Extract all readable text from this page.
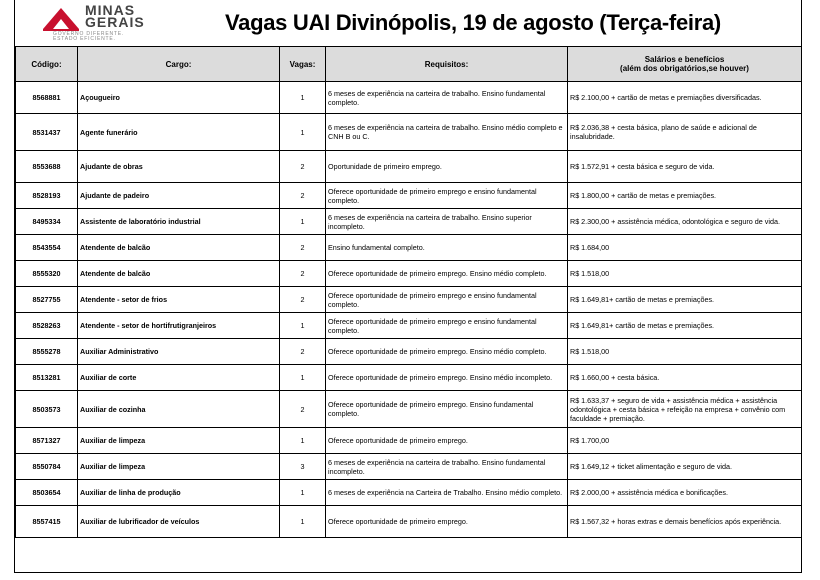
MINAS
GERAIS
GOVERNO DIFERENTE.
ESTADO EFICIENTE.
Vagas UAI Divinópolis, 19 de agosto (Terça-feira)
Código:	Cargo:	Vagas:	Requisitos:	Salários e benefícios
(além dos obrigatórios,se houver)

8568881	Açougueiro	1	6 meses de experiência na carteira de trabalho. Ensino fundamental completo.	R$ 2.100,00 + cartão de metas e premiações diversificadas.
8531437	Agente funerário	1	6 meses de experiência na carteira de trabalho. Ensino médio completo e CNH B ou C.	R$ 2.036,38 + cesta básica, plano de saúde e adicional de insalubridade.
8553688	Ajudante de obras	2	Oportunidade de primeiro emprego.	R$ 1.572,91 + cesta básica e seguro de vida.
8528193	Ajudante de padeiro	2	Oferece oportunidade de primeiro emprego e ensino fundamental completo.	R$ 1.800,00 + cartão de metas e premiações.
8495334	Assistente de laboratório industrial	1	6 meses de experiência na carteira de trabalho. Ensino superior incompleto.	R$ 2.300,00 + assistência médica, odontológica e seguro de vida.
8543554	Atendente de balcão	2	Ensino fundamental completo.	R$ 1.684,00
8555320	Atendente de balcão	2	Oferece oportunidade de primeiro emprego. Ensino médio completo.	R$ 1.518,00
8527755	Atendente - setor de frios	2	Oferece oportunidade de primeiro emprego e ensino fundamental completo.	R$ 1.649,81+ cartão de metas e premiações.
8528263	Atendente - setor de hortifrutigranjeiros	1	Oferece oportunidade de primeiro emprego e ensino fundamental completo.	R$ 1.649,81+ cartão de metas e premiações.
8555278	Auxiliar Administrativo	2	Oferece oportunidade de primeiro emprego. Ensino médio completo.	R$ 1.518,00
8513281	Auxiliar de corte	1	Oferece oportunidade de primeiro emprego. Ensino médio incompleto.	R$ 1.660,00 + cesta básica.
8503573	Auxiliar de cozinha	2	Oferece oportunidade de primeiro emprego. Ensino fundamental completo.	R$ 1.633,37 + seguro de vida + assistência médica + assistência odontológica + cesta básica + refeição na empresa + convênio com faculdade + premiação.
8571327	Auxiliar de limpeza	1	Oferece oportunidade de primeiro emprego.	R$ 1.700,00
8550784	Auxiliar de limpeza	3	6 meses de experiência na carteira de trabalho. Ensino fundamental incompleto.	R$ 1.649,12 + ticket alimentação e seguro de vida.
8503654	Auxiliar de linha de produção	1	6 meses de experiência na Carteira de Trabalho. Ensino médio completo.	R$ 2.000,00 + assistência médica e bonificações.
8557415	Auxiliar de lubrificador de veículos	1	Oferece oportunidade de primeiro emprego.	R$ 1.567,32 + horas extras e demais benefícios após experiência.
